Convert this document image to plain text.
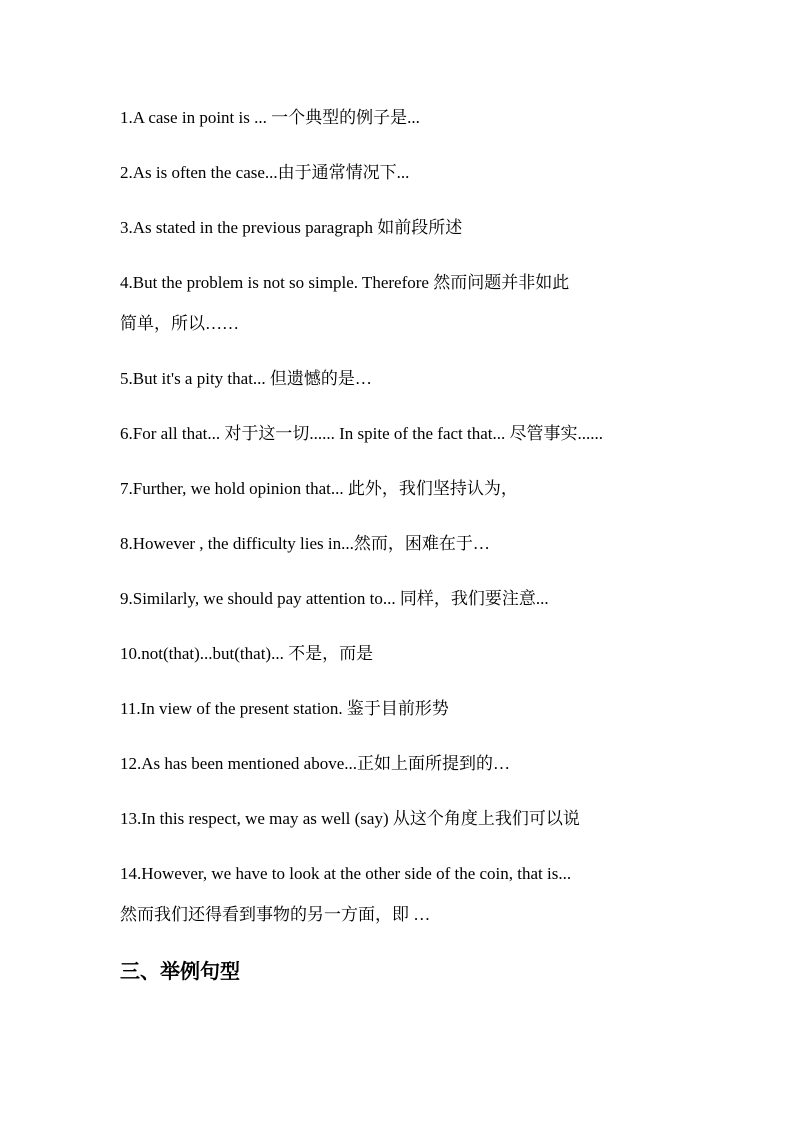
1.A case in point is ... 一个典型的例子是...
2.As is often the case...由于通常情况下...
3.As stated in the previous paragraph 如前段所述
4.But the problem is not so simple. Therefore 然而问题并非如此
简单，所以……
5.But it's a pity that... 但遗憾的是…
6.For all that... 对于这一切...... In spite of the fact that... 尽管事实......
7.Further, we hold opinion that... 此外，我们坚持认为，
8.However , the difficulty lies in...然而，困难在于…
9.Similarly, we should pay attention to... 同样，我们要注意...
10.not(that)...but(that)... 不是，而是
11.In view of the present station. 鉴于目前形势
12.As has been mentioned above...正如上面所提到的…
13.In this respect, we may as well (say) 从这个角度上我们可以说
14.However, we have to look at the other side of the coin, that is...
然而我们还得看到事物的另一方面，即 …
三、举例句型
